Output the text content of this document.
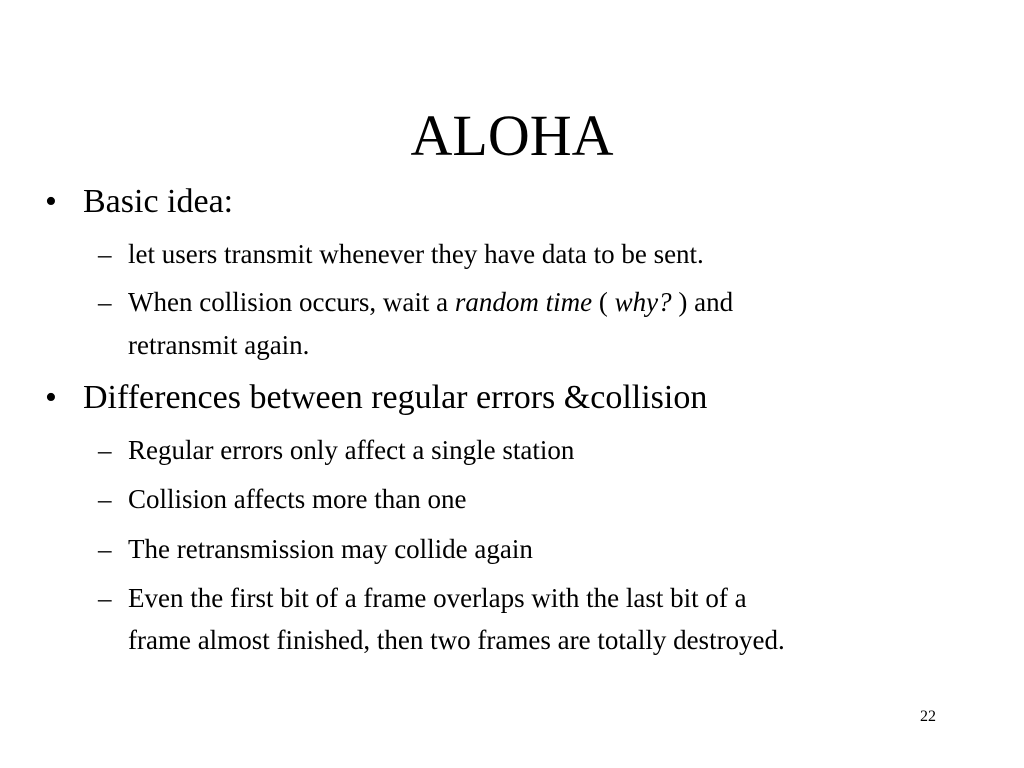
ALOHA
• Basic idea:
– let users transmit whenever they have data to be sent.
– When collision occurs, wait a random time ( why? ) and
retransmit again.
• Differences between regular errors &collision
– Regular errors only affect a single station
– Collision affects more than one
– The retransmission may collide again
– Even the first bit of a frame overlaps with the last bit of a
frame almost finished, then two frames are totally destroyed.
22
